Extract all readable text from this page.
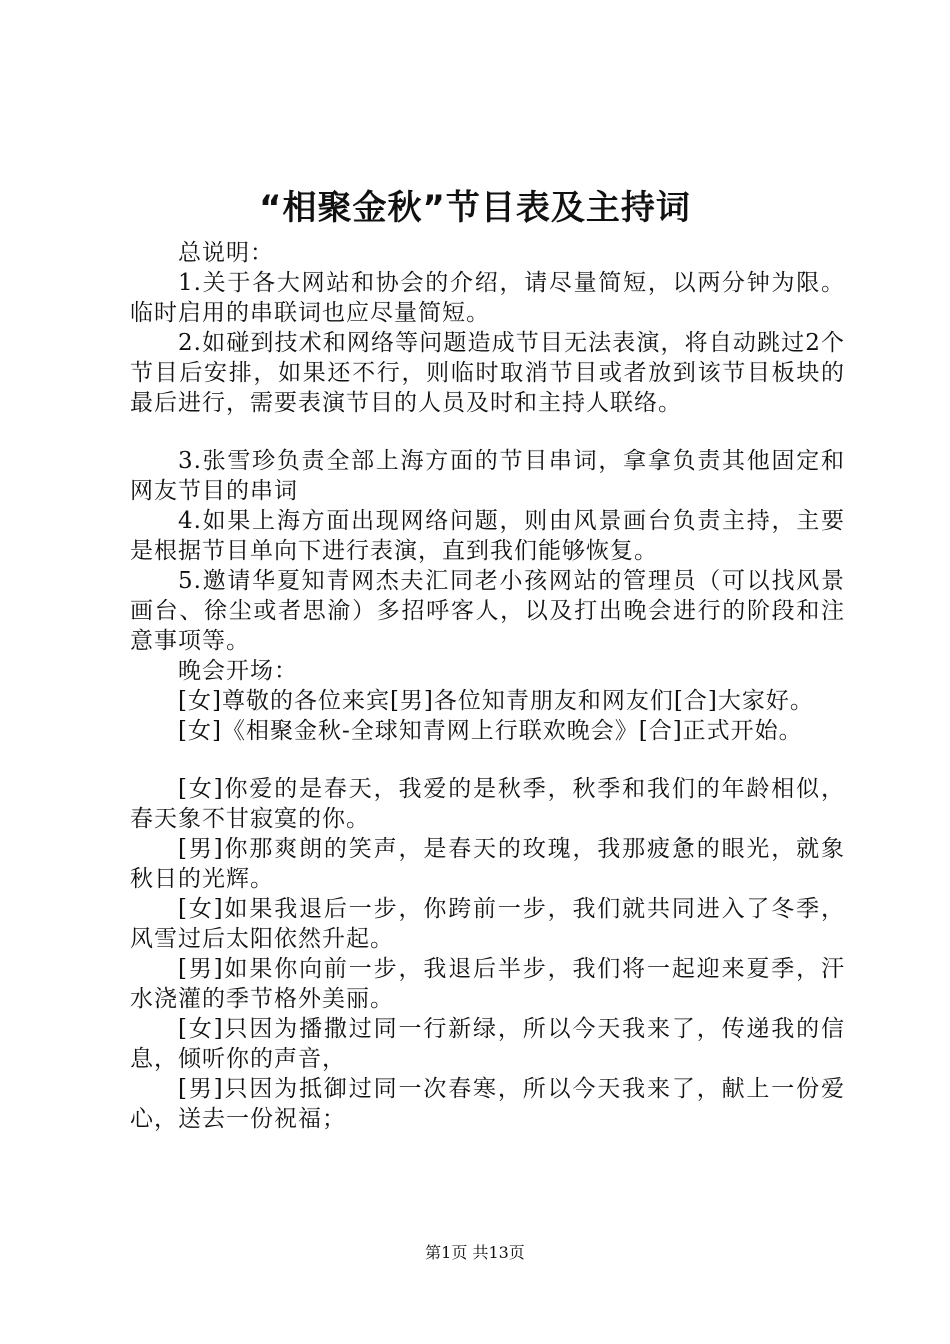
“相聚金秋”节目表及主持词

总说明：

1.关于各大网站和协会的介绍，请尽量简短，以两分钟为限。临时启用的串联词也应尽量简短。

2.如碰到技术和网络等问题造成节目无法表演，将自动跳过2个节目后安排，如果还不行，则临时取消节目或者放到该节目板块的最后进行，需要表演节目的人员及时和主持人联络。

3.张雪珍负责全部上海方面的节目串词，拿拿负责其他固定和网友节目的串词

4.如果上海方面出现网络问题，则由风景画台负责主持，主要是根据节目单向下进行表演，直到我们能够恢复。

5.邀请华夏知青网杰夫汇同老小孩网站的管理员（可以找风景画台、徐尘或者思渝）多招呼客人，以及打出晚会进行的阶段和注意事项等。

晚会开场：

[女]尊敬的各位来宾[男]各位知青朋友和网友们[合]大家好。

[女]《相聚金秋-全球知青网上行联欢晚会》[合]正式开始。

[女]你爱的是春天，我爱的是秋季，秋季和我们的年龄相似，春天象不甘寂寞的你。

[男]你那爽朗的笑声，是春天的玫瑰，我那疲惫的眼光，就象秋日的光辉。

[女]如果我退后一步，你跨前一步，我们就共同进入了冬季，风雪过后太阳依然升起。

[男]如果你向前一步，我退后半步，我们将一起迎来夏季，汗水浇灌的季节格外美丽。

[女]只因为播撒过同一行新绿，所以今天我来了，传递我的信息，倾听你的声音，

[男]只因为抵御过同一次春寒，所以今天我来了，献上一份爱心，送去一份祝福；

第1页 共13页
